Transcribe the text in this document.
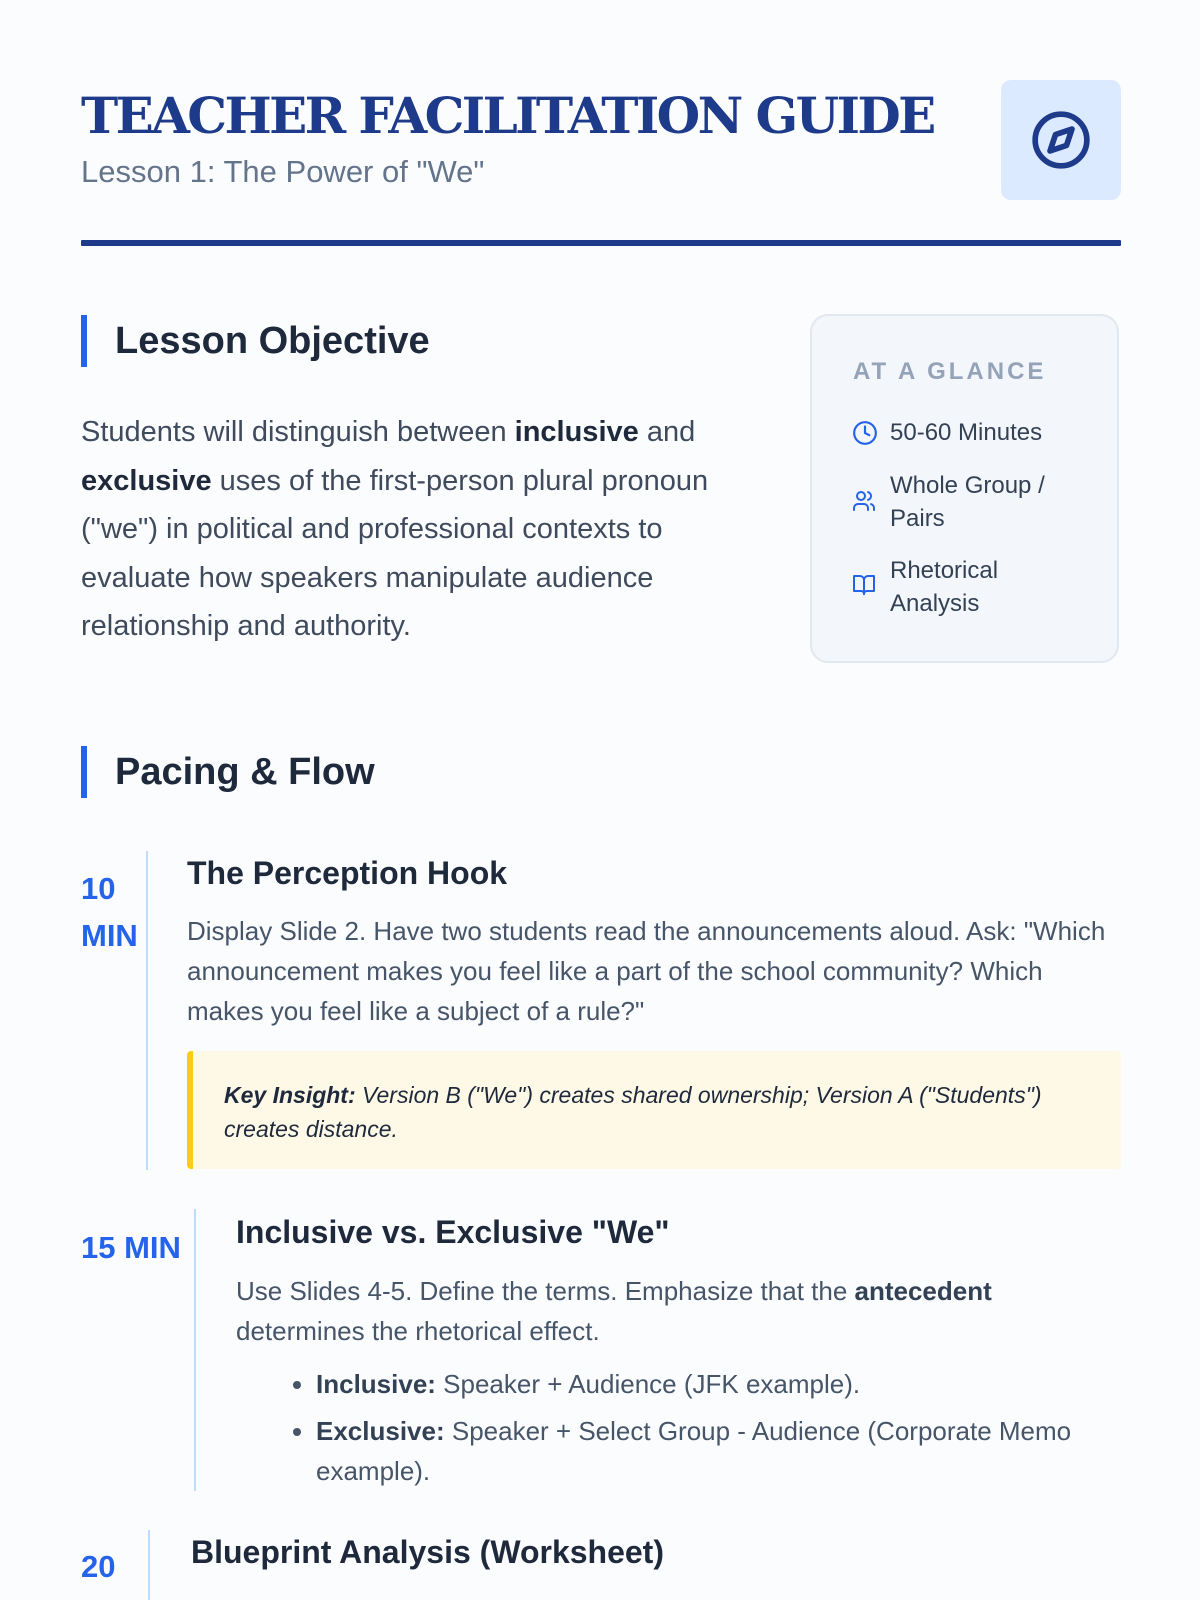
TEACHER FACILITATION GUIDE

Lesson 1: The Power of "We"

Lesson Objective

Students will distinguish between inclusive and exclusive uses of the first-person plural pronoun ("we") in political and professional contexts to evaluate how speakers manipulate audience relationship and authority.

AT A GLANCE
50-60 Minutes
Whole Group / Pairs
Rhetorical Analysis
Pacing & Flow
10 MIN
The Perception Hook

Display Slide 2. Have two students read the announcements aloud. Ask: "Which announcement makes you feel like a part of the school community? Which makes you feel like a subject of a rule?"

Key Insight: Version B ("We") creates shared ownership; Version A ("Students") creates distance.
15 MIN Inclusive vs. Exclusive "We"

Use Slides 4-5. Define the terms. Emphasize that the antecedent determines the rhetorical effect.

• Inclusive: Speaker + Audience (JFK example).
• Exclusive: Speaker + Select Group - Audience (Corporate Memo example).
20 Blueprint Analysis (Worksheet)
